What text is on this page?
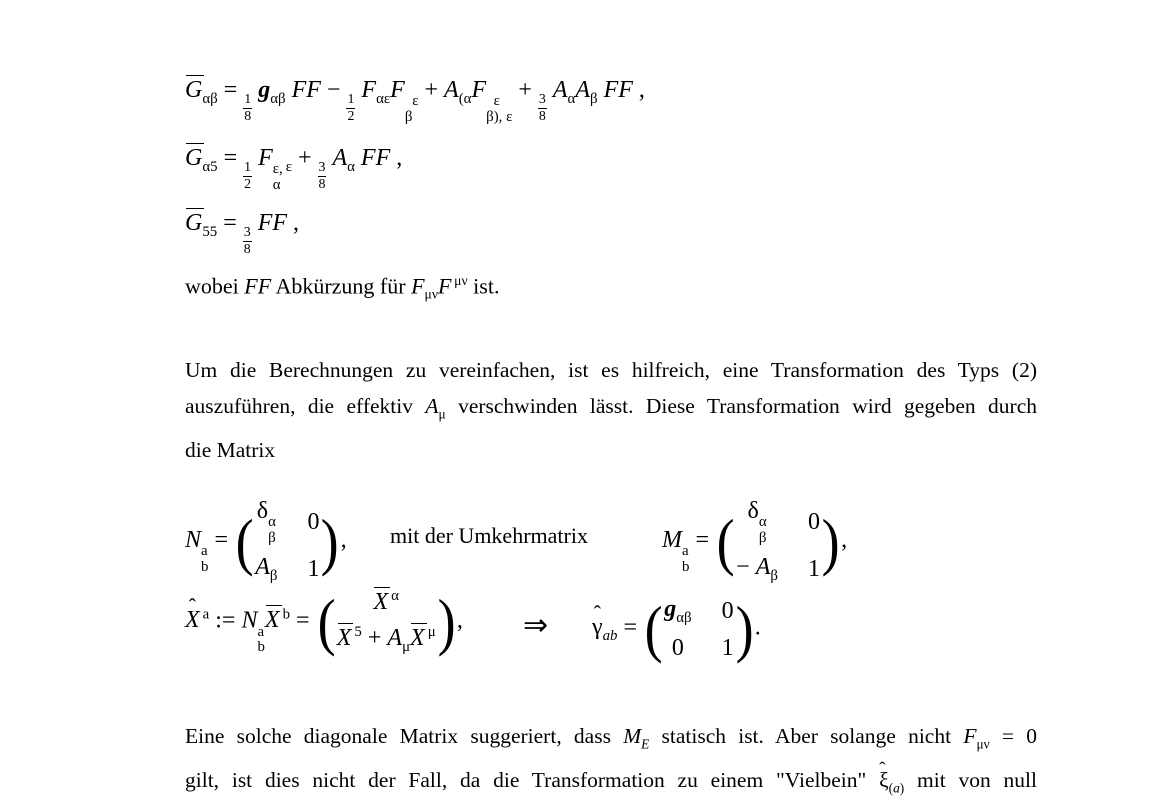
$G_{\alpha\beta}$ =
$\frac{1}{8}$
$g_{\alpha\beta}$ FF −
$\frac{1}{2}$
$F_{\alpha\varepsilon}F$  ε
β
+ $A_{(\alpha}F$  ε
β), ε
+
$\frac{3}{8}$
$A_\alpha A_\beta$ FF ,
$G_{\alpha 5}$ =
$\frac{1}{2}$
F ε,
α
 $_\varepsilon$ +
$\frac{3}{8}$
$A_\alpha$ FF ,
$G_{55}$ =
$\frac{3}{8}$
FF ,
wobei FF Abkürzung für $F_{\mu\nu}F$ $^{\mu\nu}$ ist.
Um die Berechnungen zu vereinfachen, ist es hilfreich, eine Transformation des Typs (2)
auszuführen, die effektiv $A_\mu$ verschwinden lässt. Diese Transformation wird gegeben durch
die Matrix
N a
b
= ( δ α
β
0
$A_\beta$ 1 ), mit der Umkehrmatrix	M a
b
= ( δ α
β
0
− $A_\beta$ 1 ),
X ˆ $^a$ := N a
b
X $^b$ = ( X $^\alpha$
X $^5 + A_\mu X$ $^\mu$ ), ⇒ γ ˆ$_{ab}$ = ( $g_{\alpha\beta}$ 0
0 1 ).
Eine solche diagonale Matrix suggeriert, dass $M_E$ statisch ist. Aber solange nicht $F_{\mu\nu} = 0$
gilt, ist dies nicht der Fall, da die Transformation zu einem "Vielbein" ξ ˆ$_{(a)}$ mit von null
